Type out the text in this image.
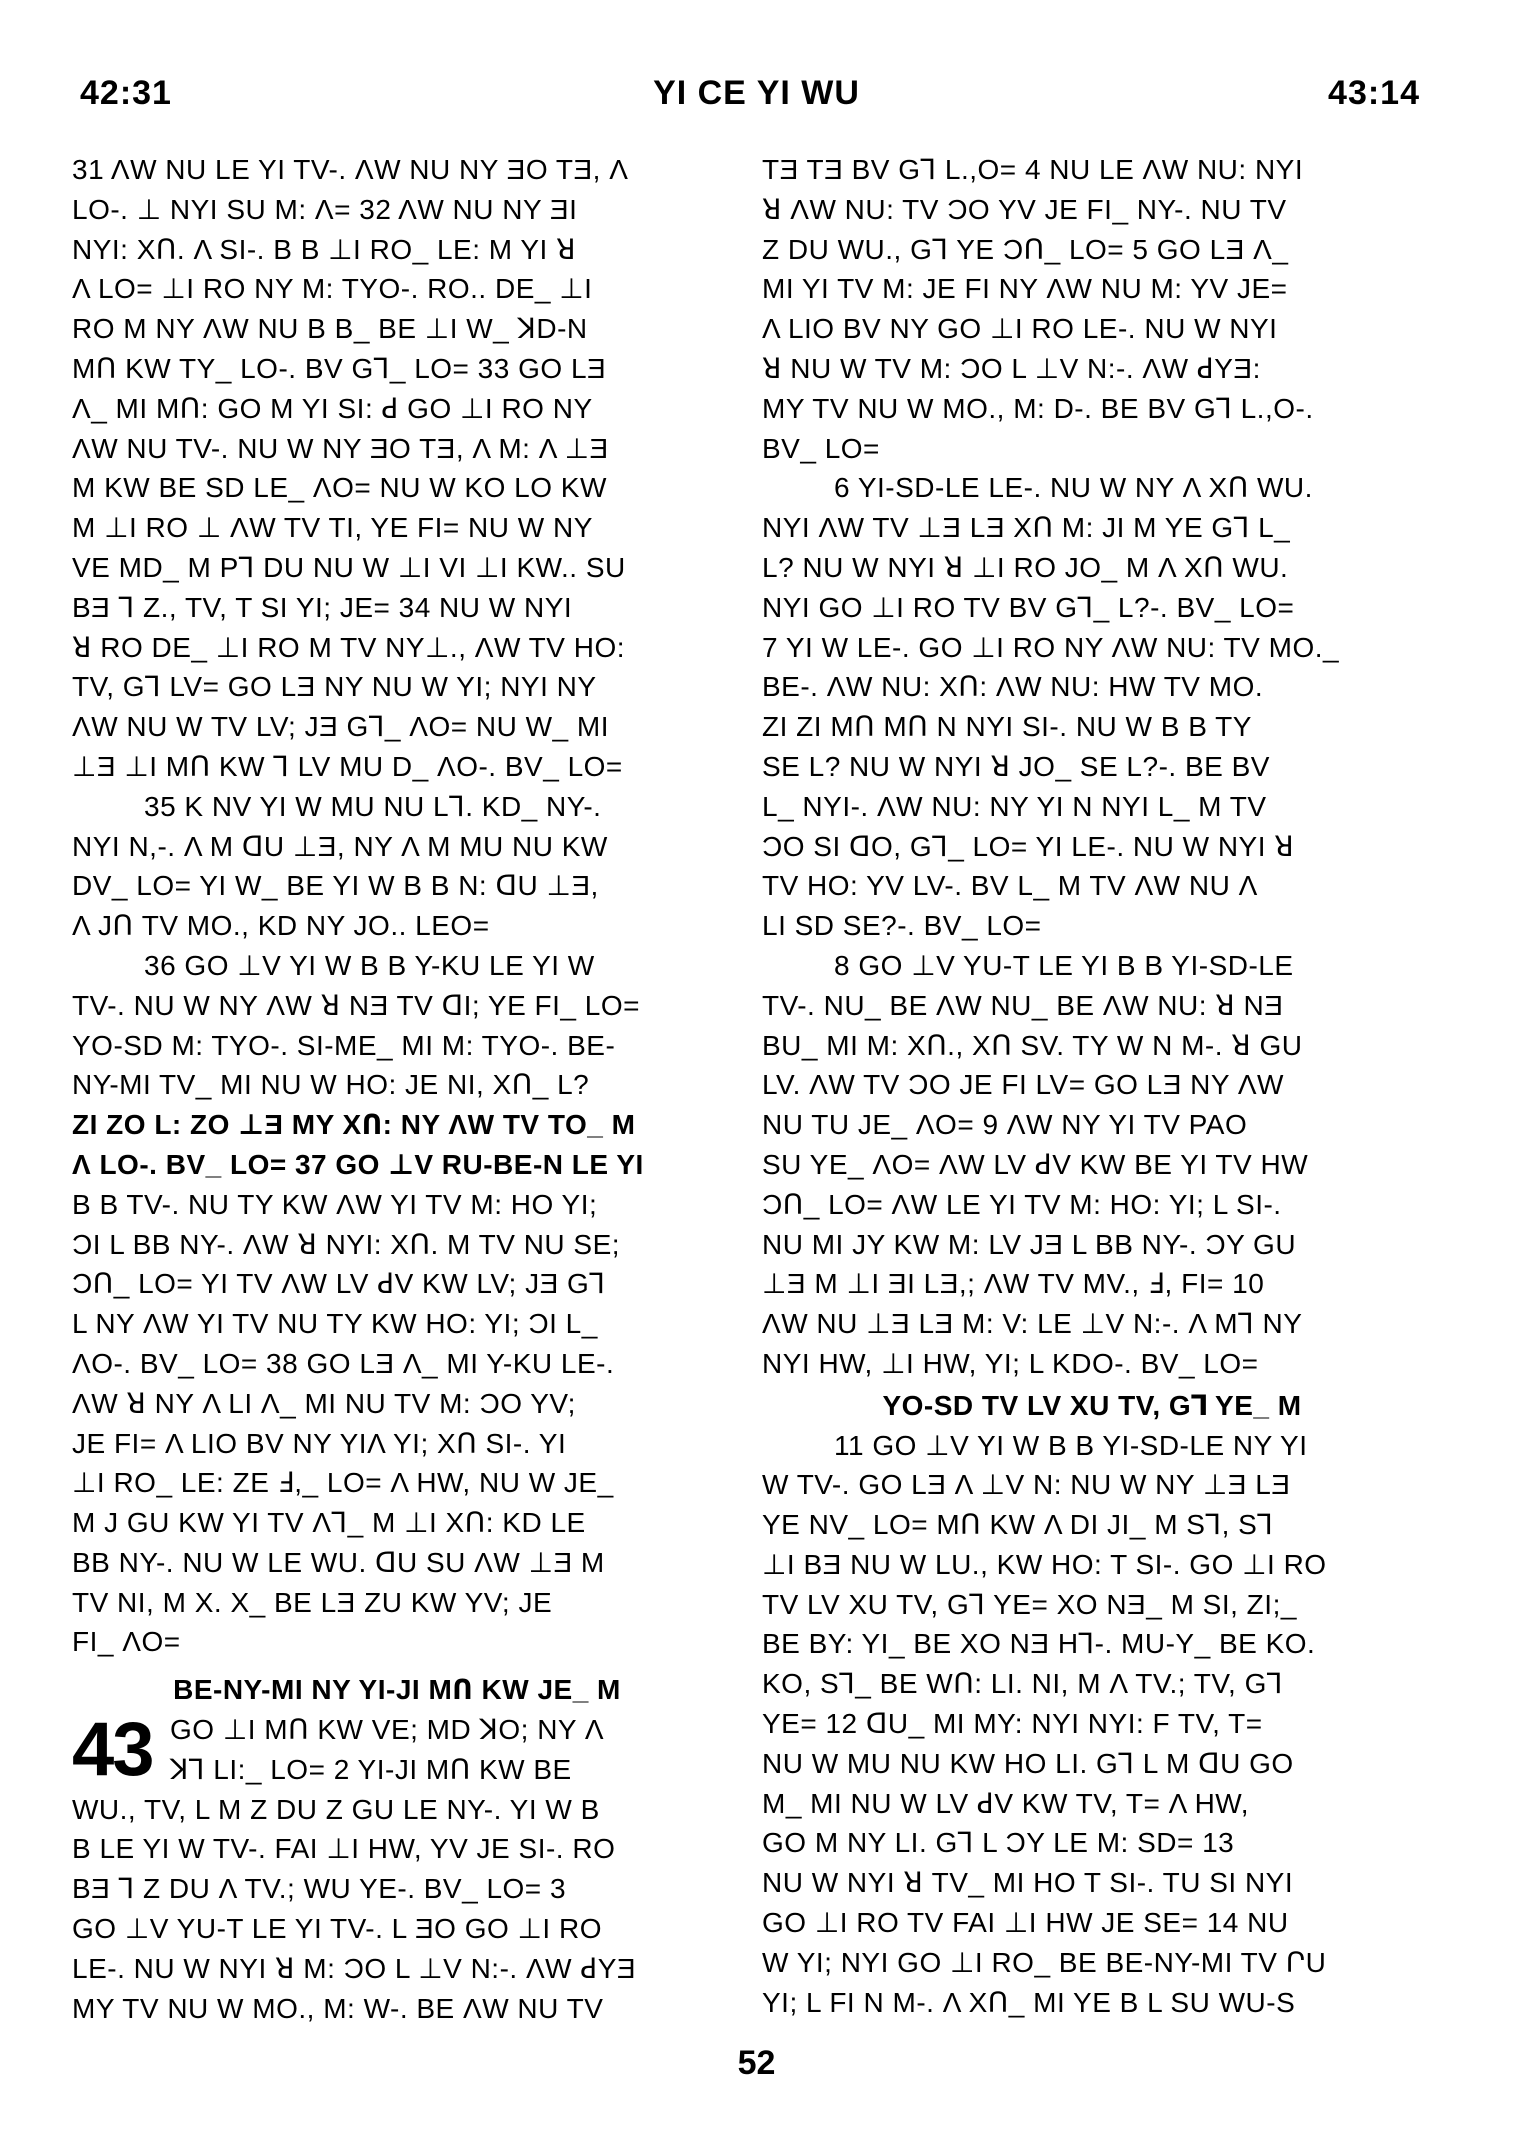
42:31	YI CE YI WU	43:14
31 ΛW NU LE YI TV-. ΛW NU NY ƎO TƎ, Λ
LO-. ⊥ NYI SU M: Λ= 32 ΛW NU NY ƎI
NYI: XՈ. Λ SI-. B B ⊥I RO_ LE: M YI ꓤ
Λ LO= ⊥I RO NY M: TYO-. RO.. DE_ ⊥I
RO M NY ΛW NU B B_ BE ⊥I W_ ꓘD-N
MՈ KW TY_ LO-. BV G⅂_ LO= 33 GO LƎ
Λ_ MI MՈ: GO M YI SI: ꓒ GO ⊥I RO NY
ΛW NU TV-. NU W NY ƎO TƎ, Λ M: Λ ⊥Ǝ
M KW BE SD LE_ ΛO= NU W KO LO KW
M ⊥I RO ⊥ ΛW TV TI, YE FI= NU W NY
VE MD_ M P⅂ DU NU W ⊥I VI ⊥I KW.. SU
BƎ ⅂ Z., TV, T SI YI; JE= 34 NU W NYI
ꓤ RO DE_ ⊥I RO M TV NY⊥., ΛW TV HO:
TV, G⅂ LV= GO LƎ NY NU W YI; NYI NY
ΛW NU W TV LV; JƎ G⅂_ ΛO= NU W_ MI
⊥Ǝ ⊥I MՈ KW ⅂ LV MU D_ ΛO-. BV_ LO=
35 K NV YI W MU NU L⅂. KD_ NY-.
NYI N,-. Λ M ꓷU ⊥Ǝ, NY Λ M MU NU KW
DV_ LO= YI W_ BE YI W B B N: ꓷU ⊥Ǝ,
Λ JՈ TV MO., KD NY JO.. LEO=
36 GO ⊥V YI W B B Y-KU LE YI W
TV-. NU W NY ΛW ꓤ NƎ TV ꓷI; YE FI_ LO=
YO-SD M: TYO-. SI-ME_ MI M: TYO-. BE-
NY-MI TV_ MI NU W HO: JE NI, XՈ_ L?
ZI ZO L: ZO ⊥Ǝ MY XՈ: NY ΛW TV TO_ M
Λ LO-. BV_ LO= 37 GO ⊥V RU-BE-N LE YI
B B TV-. NU TY KW ΛW YI TV M: HO YI;
ƆI L BB NY-. ΛW ꓤ NYI: XՈ. M TV NU SE;
ƆՈ_ LO= YI TV ΛW LV ꓒV KW LV; JƎ G⅂
L NY ΛW YI TV NU TY KW HO: YI; ƆI L_
ΛO-. BV_ LO= 38 GO LƎ Λ_ MI Y-KU LE-.
ΛW ꓤ NY Λ LI Λ_ MI NU TV M: ƆO YV;
JE FI= Λ LIO BV NY YIΛ YI; XՈ SI-. YI
⊥I RO_ LE: ZE Ⅎ,_ LO= Λ HW, NU W JE_
M J GU KW YI TV Λ⅂_ M ⊥I XՈ: KD LE
BB NY-. NU W LE WU. ꓷU SU ΛW ⊥Ǝ M
TV NI, M X. X_ BE LƎ ZU KW YV; JE
FI_ ΛO=
BE-NY-MI NY YI-JI MՈ KW JE_ M
43 GO ⊥I MՈ KW VE; MD ꓘO; NY Λ
ꓘ⅂ LI:_ LO= 2 YI-JI MՈ KW BE
WU., TV, L M Z DU Z GU LE NY-. YI W B
B LE YI W TV-. FAI ⊥I HW, YV JE SI-. RO
BƎ ⅂ Z DU Λ TV.; WU YE-. BV_ LO= 3
GO ⊥V YU-T LE YI TV-. L ƎO GO ⊥I RO
LE-. NU W NYI ꓤ M: ƆO L ⊥V N:-. ΛW ꓒYƎ
MY TV NU W MO., M: W-. BE ΛW NU TV
TƎ TƎ BV G⅂ L.,O= 4 NU LE ΛW NU: NYI
ꓤ ΛW NU: TV ƆO YV JE FI_ NY-. NU TV
Z DU WU., G⅂ YE ƆՈ_ LO= 5 GO LƎ Λ_
MI YI TV M: JE FI NY ΛW NU M: YV JE=
Λ LIO BV NY GO ⊥I RO LE-. NU W NYI
ꓤ NU W TV M: ƆO L ⊥V N:-. ΛW ꓒYƎ:
MY TV NU W MO., M: D-. BE BV G⅂ L.,O-.
BV_ LO=
6 YI-SD-LE LE-. NU W NY Λ XՈ WU.
NYI ΛW TV ⊥Ǝ LƎ XՈ M: JI M YE G⅂ L_
L? NU W NYI ꓤ ⊥I RO JO_ M Λ XՈ WU.
NYI GO ⊥I RO TV BV G⅂_ L?-. BV_ LO=
7 YI W LE-. GO ⊥I RO NY ΛW NU: TV MO._
BE-. ΛW NU: XՈ: ΛW NU: HW TV MO.
ZI ZI MՈ MՈ N NYI SI-. NU W B B TY
SE L? NU W NYI ꓤ JO_ SE L?-. BE BV
L_ NYI-. ΛW NU: NY YI N NYI L_ M TV
ƆO SI ꓷO, G⅂_ LO= YI LE-. NU W NYI ꓤ
TV HO: YV LV-. BV L_ M TV ΛW NU Λ
LI SD SE?-. BV_ LO=
8 GO ⊥V YU-T LE YI B B YI-SD-LE
TV-. NU_ BE ΛW NU_ BE ΛW NU: ꓤ NƎ
BU_ MI M: XՈ., XՈ SV. TY W N M-. ꓤ GU
LV. ΛW TV ƆO JE FI LV= GO LƎ NY ΛW
NU TU JE_ ΛO= 9 ΛW NY YI TV PAO
SU YE_ ΛO= ΛW LV ꓒV KW BE YI TV HW
ƆՈ_ LO= ΛW LE YI TV M: HO: YI; L SI-.
NU MI JY KW M: LV JƎ L BB NY-. ƆY GU
⊥Ǝ M ⊥I ƎI LƎ,; ΛW TV MV., Ⅎ, FI= 10
ΛW NU ⊥Ǝ LƎ M: V: LE ⊥V N:-. Λ M⅂ NY
NYI HW, ⊥I HW, YI; L KDO-. BV_ LO=
YO-SD TV LV XU TV, G⅂ YE_ M
11 GO ⊥V YI W B B YI-SD-LE NY YI
W TV-. GO LƎ Λ ⊥V N: NU W NY ⊥Ǝ LƎ
YE NV_ LO= MՈ KW Λ DI JI_ M S⅂, S⅂
⊥I BƎ NU W LU., KW HO: T SI-. GO ⊥I RO
TV LV XU TV, G⅂ YE= XO NƎ_ M SI, ZI;_
BE BY: YI_ BE XO NƎ H⅂-. MU-Y_ BE KO.
KO, S⅂_ BE WՈ: LI. NI, M Λ TV.; TV, G⅂
YE= 12 ꓷU_ MI MY: NYI NYI: F TV, T=
NU W MU NU KW HO LI. G⅂ L M ꓷU GO
M_ MI NU W LV ꓒV KW TV, T= Λ HW,
GO M NY LI. G⅂ L ƆY LE M: SD= 13
NU W NYI ꓤ TV_ MI HO T SI-. TU SI NYI
GO ⊥I RO TV FAI ⊥I HW JE SE= 14 NU
W YI; NYI GO ⊥I RO_ BE BE-NY-MI TV ՐU
YI; L FI N M-. Λ XՈ_ MI YE B L SU WU-S
52
